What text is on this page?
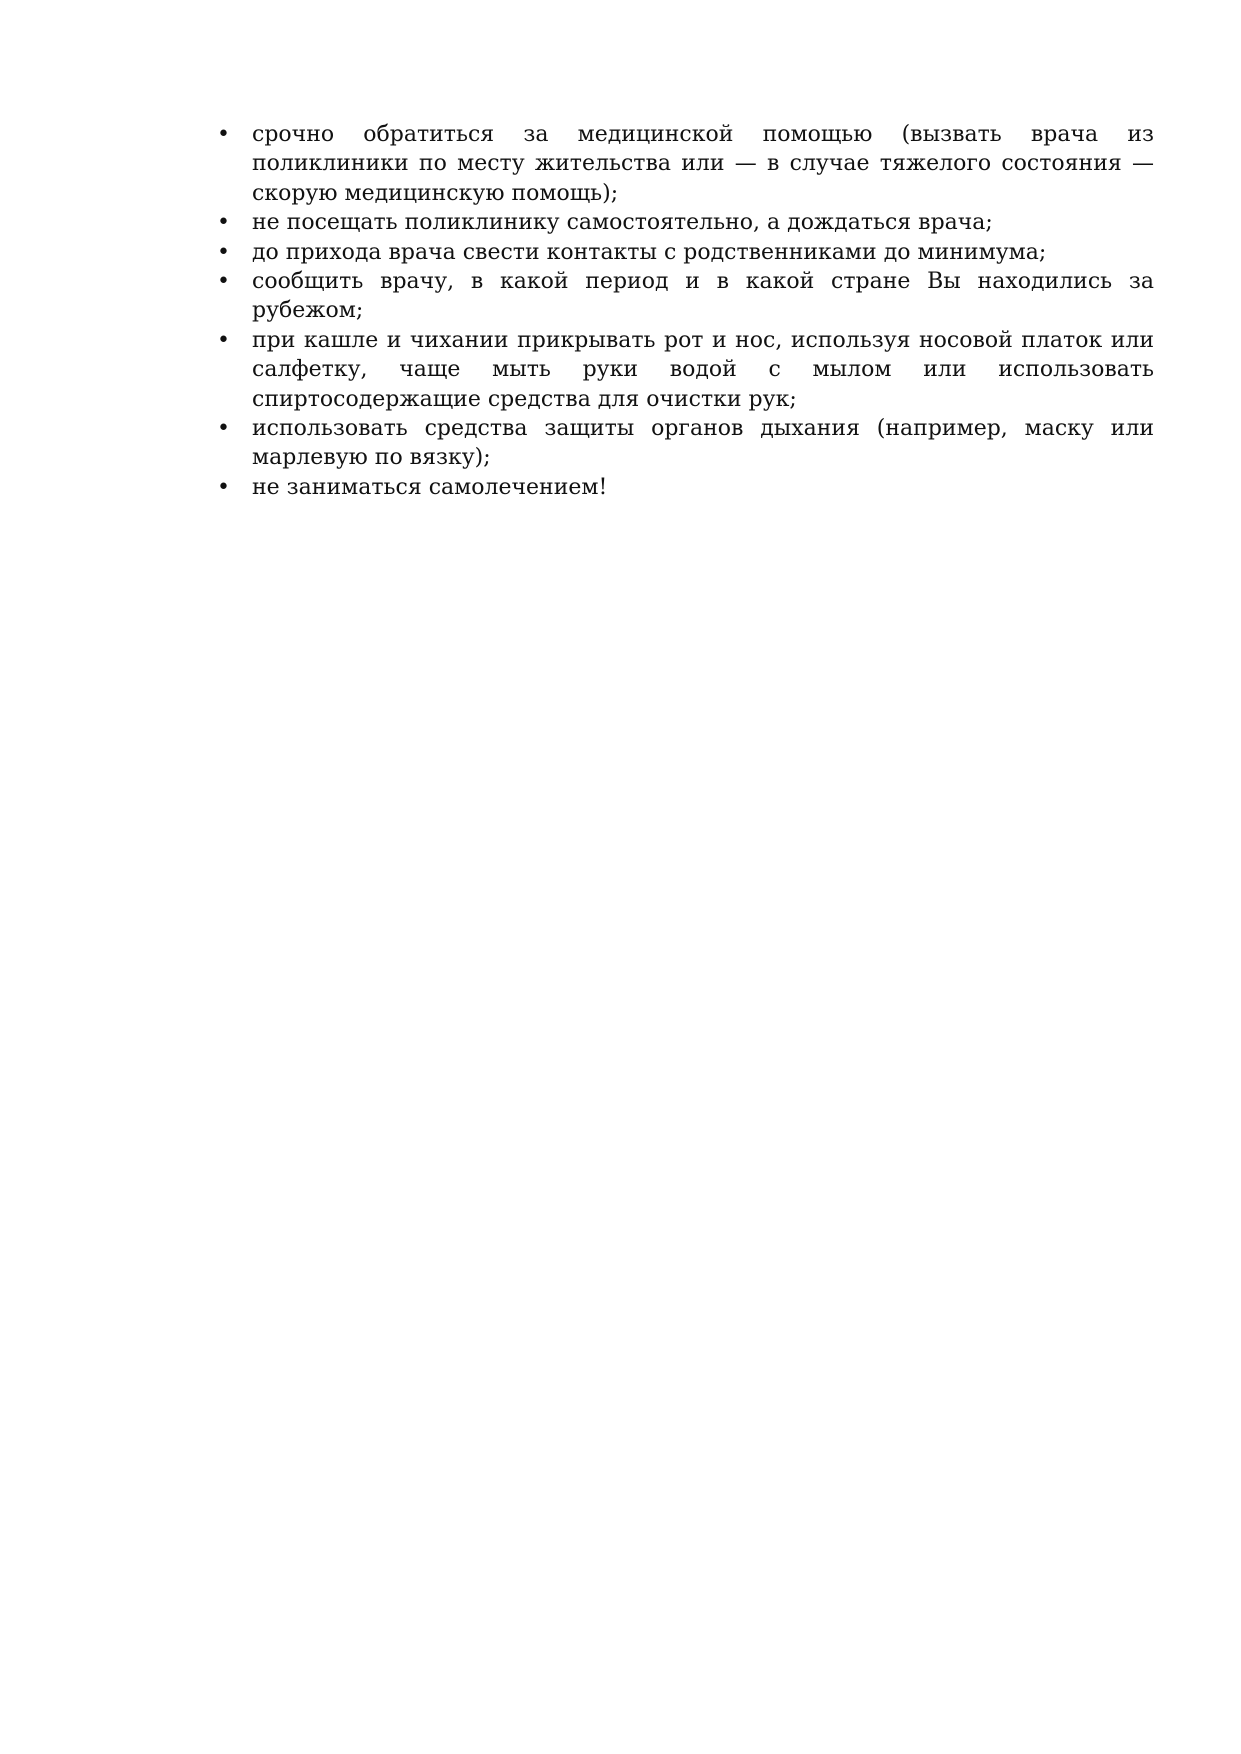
•	срочно обратиться за медицинской помощью (вызвать врача из поликлиники по месту жительства или — в случае тяжелого состояния — скорую медицинскую помощь);
•	не посещать поликлинику самостоятельно, а дождаться врача;
•	до прихода врача свести контакты с родственниками до минимума;
•	сообщить врачу, в какой период и в какой стране Вы находились за рубежом;
•	при кашле и чихании прикрывать рот и нос, используя носовой платок или салфетку, чаще мыть руки водой с мылом или использовать спиртосодержащие средства для очистки рук;
•	использовать средства защиты органов дыхания (например, маску или марлевую по вязку);
•	не заниматься самолечением!
